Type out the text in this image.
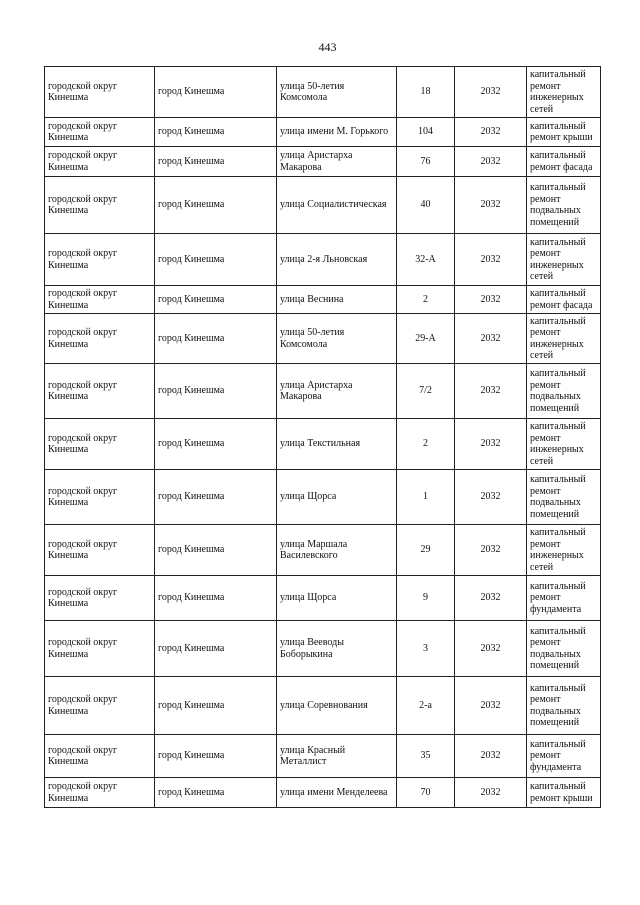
443
городской округ Кинешма	город Кинешма	улица 50-летия Комсомола	18	2032	капитальный ремонт инженерных сетей
городской округ Кинешма	город Кинешма	улица имени М. Горького	104	2032	капитальный ремонт крыши
городской округ Кинешма	город Кинешма	улица Аристарха Макарова	76	2032	капитальный ремонт фасада
городской округ Кинешма	город Кинешма	улица Социалистическая	40	2032	капитальный ремонт подвальных помещений
городской округ Кинешма	город Кинешма	улица 2-я Льновская	32-А	2032	капитальный ремонт инженерных сетей
городской округ Кинешма	город Кинешма	улица Веснина	2	2032	капитальный ремонт фасада
городской округ Кинешма	город Кинешма	улица 50-летия Комсомола	29-А	2032	капитальный ремонт инженерных сетей
городской округ Кинешма	город Кинешма	улица Аристарха Макарова	7/2	2032	капитальный ремонт подвальных помещений
городской округ Кинешма	город Кинешма	улица Текстильная	2	2032	капитальный ремонт инженерных сетей
городской округ Кинешма	город Кинешма	улица Щорса	1	2032	капитальный ремонт подвальных помещений
городской округ Кинешма	город Кинешма	улица Маршала Василевского	29	2032	капитальный ремонт инженерных сетей
городской округ Кинешма	город Кинешма	улица Щорса	9	2032	капитальный ремонт фундамента
городской округ Кинешма	город Кинешма	улица Вееводы Боборыкина	3	2032	капитальный ремонт подвальных помещений
городской округ Кинешма	город Кинешма	улица Соревнования	2-а	2032	капитальный ремонт подвальных помещений
городской округ Кинешма	город Кинешма	улица Красный Металлист	35	2032	капитальный ремонт фундамента
городской округ Кинешма	город Кинешма	улица имени Менделеева	70	2032	капитальный ремонт крыши
